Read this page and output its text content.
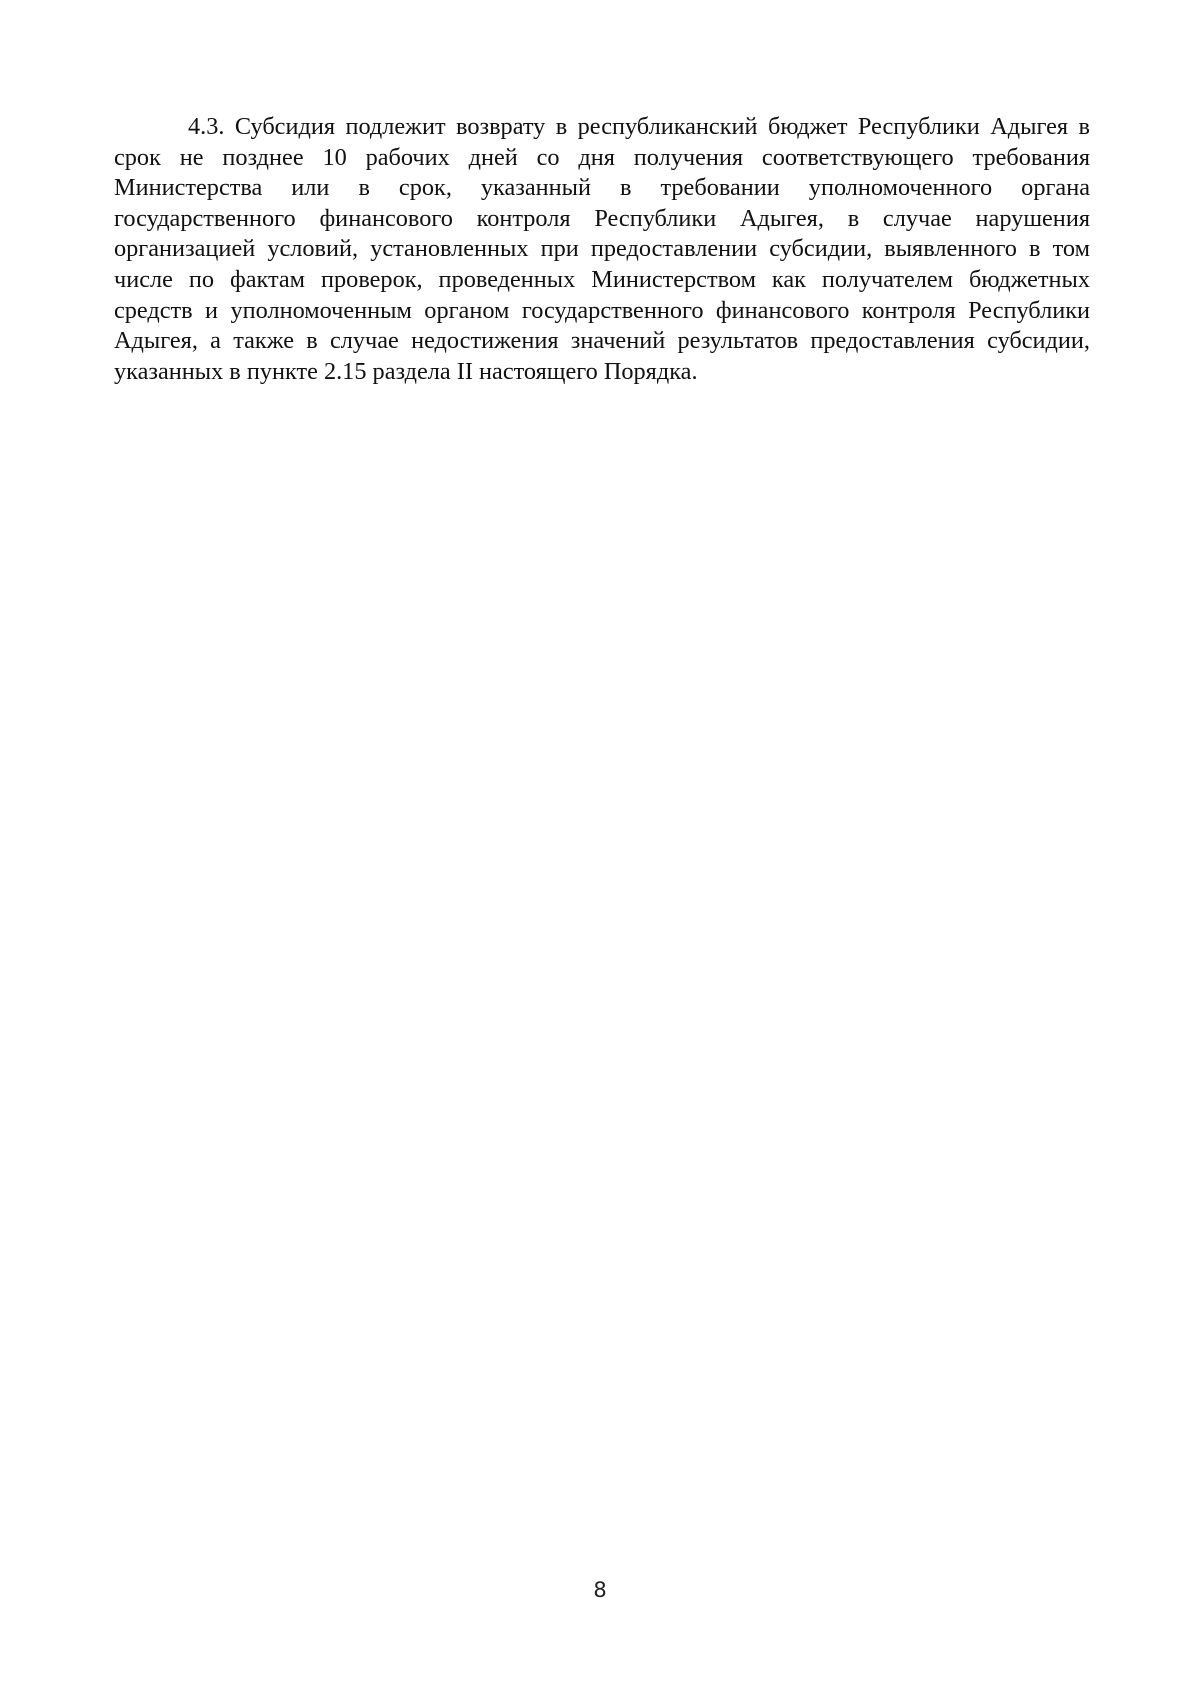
4.3. Субсидия подлежит возврату в республиканский бюджет Республики Адыгея в срок не позднее 10 рабочих дней со дня получения соответствующего требования Министерства или в срок, указанный в требовании уполномоченного органа государственного финансового контроля Республики Адыгея, в случае нарушения организацией условий, установленных при предоставлении субсидии, выявленного в том числе по фактам проверок, проведенных Министерством как получателем бюджетных средств и уполномоченным органом государственного финансового контроля Республики Адыгея, а также в случае недостижения значений результатов предоставления субсидии, указанных в пункте 2.15 раздела II настоящего Порядка.

8
